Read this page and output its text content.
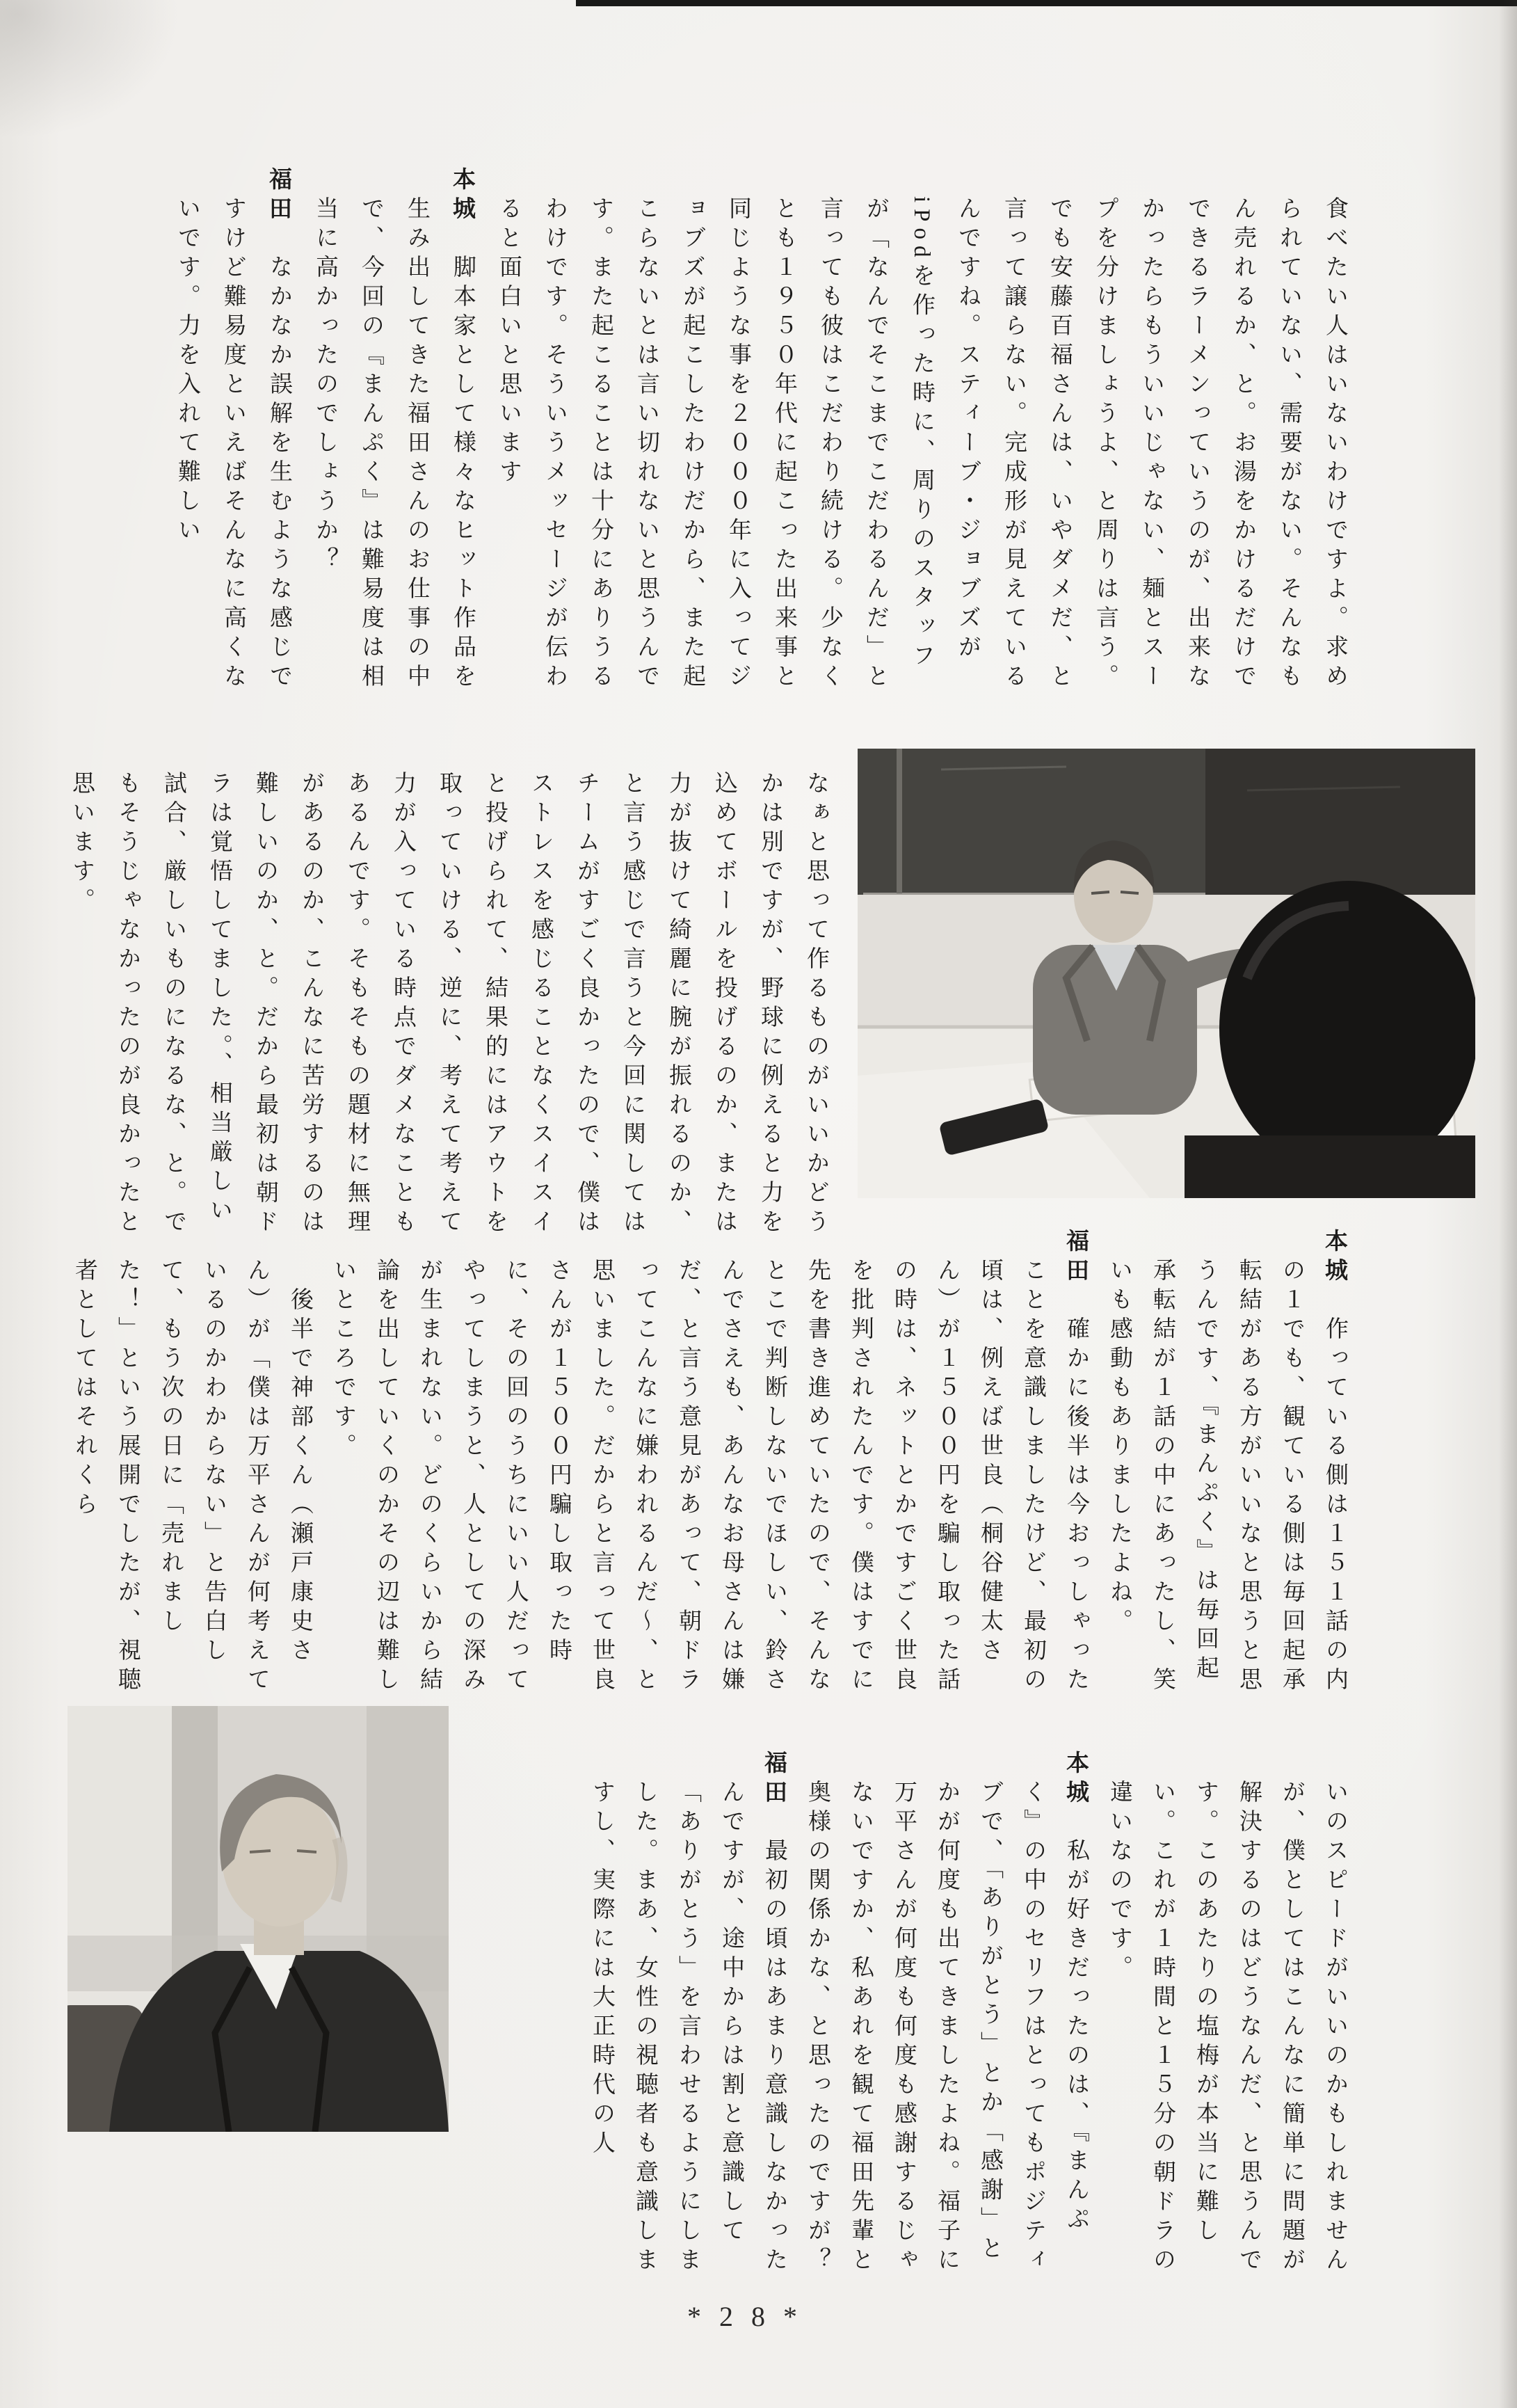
食べたい人はいないわけですよ。求められていない、需要がない。そんなもん売れるか、と。お湯をかけるだけでできるラーメンっていうのが、出来なかったらもういいじゃない、麺とスープを分けましょうよ、と周りは言う。でも安藤百福さんは、いやダメだ、と言って譲らない。完成形が見えているんですね。スティーブ・ジョブズがiPodを作った時に、周りのスタッフが「なんでそこまでこだわるんだ」と言っても彼はこだわり続ける。少なくとも１９５０年代に起こった出来事と同じような事を２０００年に入ってジョブズが起こしたわけだから、また起こらないとは言い切れないと思うんです。また起こることは十分にありうるわけです。そういうメッセージが伝わると面白いと思います

本城脚本家として様々なヒット作品を生み出してきた福田さんのお仕事の中で、今回の『まんぷく』は難易度は相当に高かったのでしょうか？

福田なかなか誤解を生むような感じですけど難易度といえばそんなに高くないです。力を入れて難しい

なぁと思って作るものがいいかどうかは別ですが、野球に例えると力を込めてボールを投げるのか、または力が抜けて綺麗に腕が振れるのか、と言う感じで言うと今回に関してはチームがすごく良かったので、僕はストレスを感じることなくスイスイと投げられて、結果的にはアウトを取っていける、逆に、考えて考えて力が入っている時点でダメなこともあるんです。そもそもの題材に無理があるのか、こんなに苦労するのは難しいのか、と。だから最初は朝ドラは覚悟してました。、相当厳しい試合、厳しいものになるな、と。でもそうじゃなかったのが良かったと思います。

本城作っている側は１５１話の内の１でも、観ている側は毎回起承転結がある方がいいなと思うと思うんです、『まんぷく』は毎回起承転結が１話の中にあったし、笑いも感動もありましたよね。

福田確かに後半は今おっしゃったことを意識しましたけど、最初の頃は、例えば世良（桐谷健太さん）が１５００円を騙し取った話の時は、ネットとかですごく世良を批判されたんです。僕はすでに先を書き進めていたので、そんなとこで判断しないでほしい、鈴さんでさえも、あんなお母さんは嫌だ、と言う意見があって、朝ドラってこんなに嫌われるんだ〜、と思いました。だからと言って世良さんが１５００円騙し取った時に、その回のうちにいい人だってやってしまうと、人としての深みが生まれない。どのくらいから結論を出していくのかその辺は難しいところです。

後半で神部くん（瀬戸康史さん）が「僕は万平さんが何考えているのかわからない」と告白して、もう次の日に「売れました！」という展開でしたが、視聴者としてはそれくら

いのスピードがいいのかもしれませんが、僕としてはこんなに簡単に問題が解決するのはどうなんだ、と思うんです。このあたりの塩梅が本当に難しい。これが１時間と１５分の朝ドラの違いなのです。

本城私が好きだったのは、『まんぷく』の中のセリフはとってもポジティブで、「ありがとう」とか「感謝」とかが何度も出てきましたよね。福子に万平さんが何度も何度も感謝するじゃないですか、私あれを観て福田先輩と奥様の関係かな、と思ったのですが？

福田最初の頃はあまり意識しなかったんですが、途中からは割と意識して「ありがとう」を言わせるようにしました。まあ、女性の視聴者も意識しますし、実際には大正時代の人

*28*
